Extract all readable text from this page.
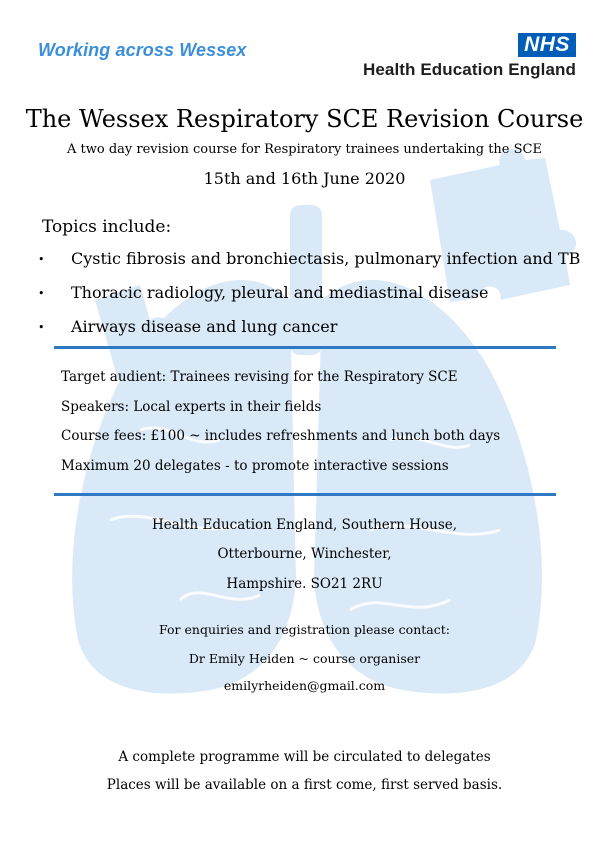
Working across Wessex	NHS
Health Education England
The Wessex Respiratory SCE Revision Course
A two day revision course for Respiratory trainees undertaking the SCE
15th and 16th June 2020
Topics include:
• Cystic fibrosis and bronchiectasis, pulmonary infection and TB
• Thoracic radiology, pleural and mediastinal disease
• Airways disease and lung cancer
Target audient: Trainees revising for the Respiratory SCE
Speakers: Local experts in their fields
Course fees: £100 ~ includes refreshments and lunch both days
Maximum 20 delegates - to promote interactive sessions
Health Education England, Southern House,
Otterbourne, Winchester,
Hampshire. SO21 2RU
For enquiries and registration please contact:
Dr Emily Heiden ~ course organiser
emilyrheiden@gmail.com
A complete programme will be circulated to delegates
Places will be available on a first come, first served basis.
